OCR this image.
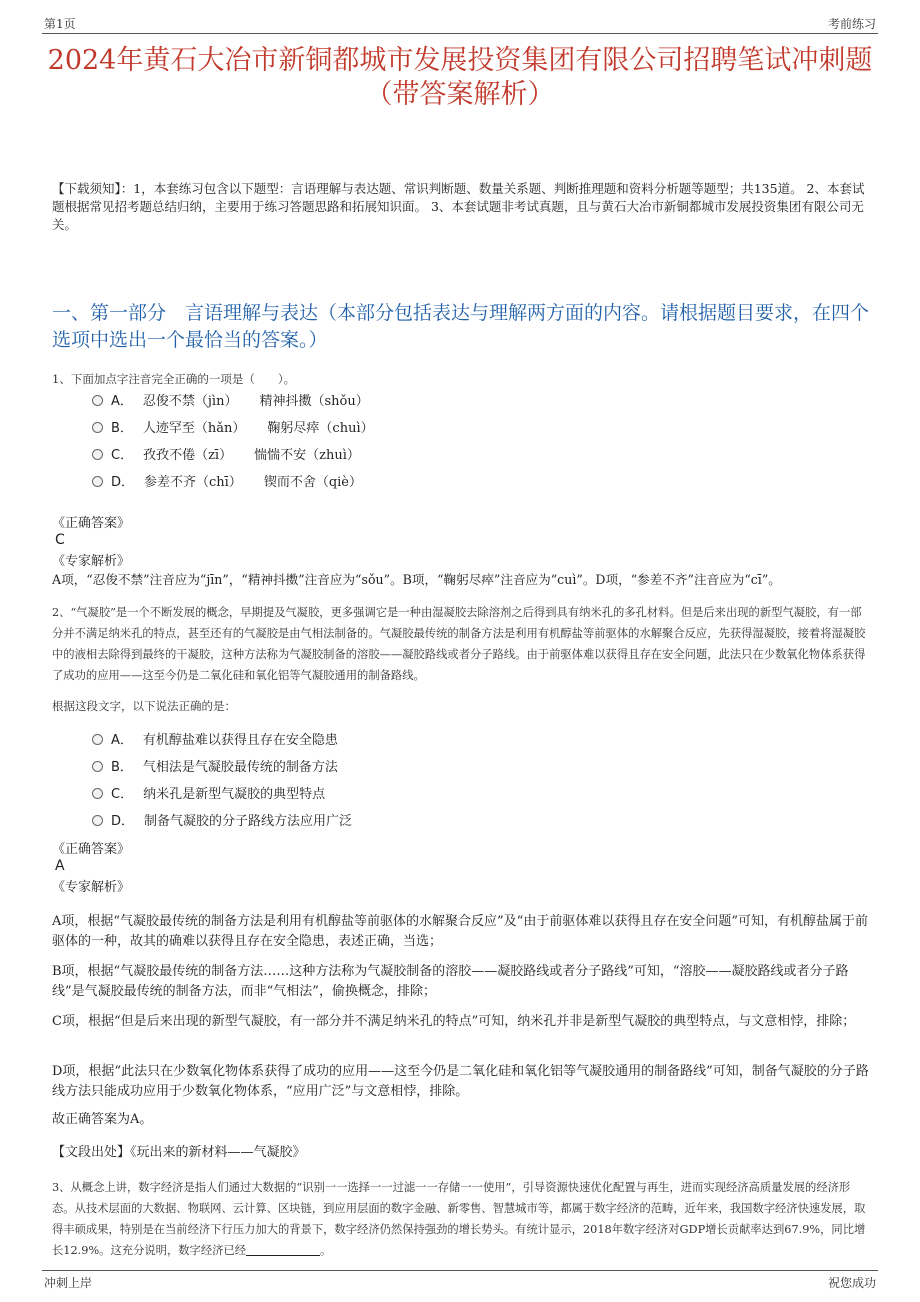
第1页	考前练习
2024年黄石大冶市新铜都城市发展投资集团有限公司招聘笔试冲刺题（带答案解析）
【下载须知】：1，本套练习包含以下题型：言语理解与表达题、常识判断题、数量关系题、判断推理题和资料分析题等题型；共135道。 2、本套试题根据常见招考题总结归纳，主要用于练习答题思路和拓展知识面。 3、本套试题非考试真题，且与黄石大冶市新铜都城市发展投资集团有限公司无关。
一、第一部分　言语理解与表达（本部分包括表达与理解两方面的内容。请根据题目要求，在四个选项中选出一个最恰当的答案。）
1、下面加点字注音完全正确的一项是（　　）。
A． 忍俊不禁（jìn） 精神抖擞（shǒu）
B． 人迹罕至（hǎn） 鞠躬尽瘁（chuì）
C． 孜孜不倦（zī） 惴惴不安（zhuì）
D． 参差不齐（chī） 锲而不舍（qiè）
《正确答案》
C
《专家解析》
A项，“忍俊不禁”注音应为“jīn”，“精神抖擞”注音应为“sǒu”。B项，“鞠躬尽瘁”注音应为“cuì”。D项，“参差不齐”注音应为“cī”。
2、“气凝胶”是一个不断发展的概念，早期提及气凝胶，更多强调它是一种由湿凝胶去除溶剂之后得到具有纳米孔的多孔材料。但是后来出现的新型气凝胶，有一部分并不满足纳米孔的特点，甚至还有的气凝胶是由气相法制备的。气凝胶最传统的制备方法是利用有机醇盐等前驱体的水解聚合反应，先获得湿凝胶，接着将湿凝胶中的液相去除得到最终的干凝胶，这种方法称为气凝胶制备的溶胶——凝胶路线或者分子路线。由于前驱体难以获得且存在安全问题，此法只在少数氧化物体系获得了成功的应用——这至今仍是二氧化硅和氧化铝等气凝胶通用的制备路线。
根据这段文字，以下说法正确的是：
A． 有机醇盐难以获得且存在安全隐患
B． 气相法是气凝胶最传统的制备方法
C． 纳米孔是新型气凝胶的典型特点
D． 制备气凝胶的分子路线方法应用广泛
《正确答案》
A
《专家解析》
A项，根据“气凝胶最传统的制备方法是利用有机醇盐等前驱体的水解聚合反应”及“由于前驱体难以获得且存在安全问题”可知，有机醇盐属于前驱体的一种，故其的确难以获得且存在安全隐患，表述正确，当选；
B项，根据“气凝胶最传统的制备方法……这种方法称为气凝胶制备的溶胶——凝胶路线或者分子路线”可知，“溶胶——凝胶路线或者分子路线”是气凝胶最传统的制备方法，而非“气相法”，偷换概念，排除；
C项，根据“但是后来出现的新型气凝胶，有一部分并不满足纳米孔的特点”可知，纳米孔并非是新型气凝胶的典型特点，与文意相悖，排除；
D项，根据“此法只在少数氧化物体系获得了成功的应用——这至今仍是二氧化硅和氧化铝等气凝胶通用的制备路线”可知，制备气凝胶的分子路线方法只能成功应用于少数氧化物体系，“应用广泛”与文意相悖，排除。
故正确答案为A。
【文段出处】《玩出来的新材料——气凝胶》
3、从概念上讲，数字经济是指人们通过大数据的“识别一一选择一一过滤一一存储一一使用”，引导资源快速优化配置与再生，进而实现经济高质量发展的经济形态。从技术层面的大数据、物联网、云计算、区块链，到应用层面的数字金融、新零售、智慧城市等，都属于数字经济的范畴，近年来，我国数字经济快速发展，取得丰硕成果，特别是在当前经济下行压力加大的背景下，数字经济仍然保持强劲的增长势头。有统计显示，2018年数字经济对GDP增长贡献率达到67.9%，同比增长12.9%。这充分说明，数字经济已经	。
冲刺上岸	祝您成功
